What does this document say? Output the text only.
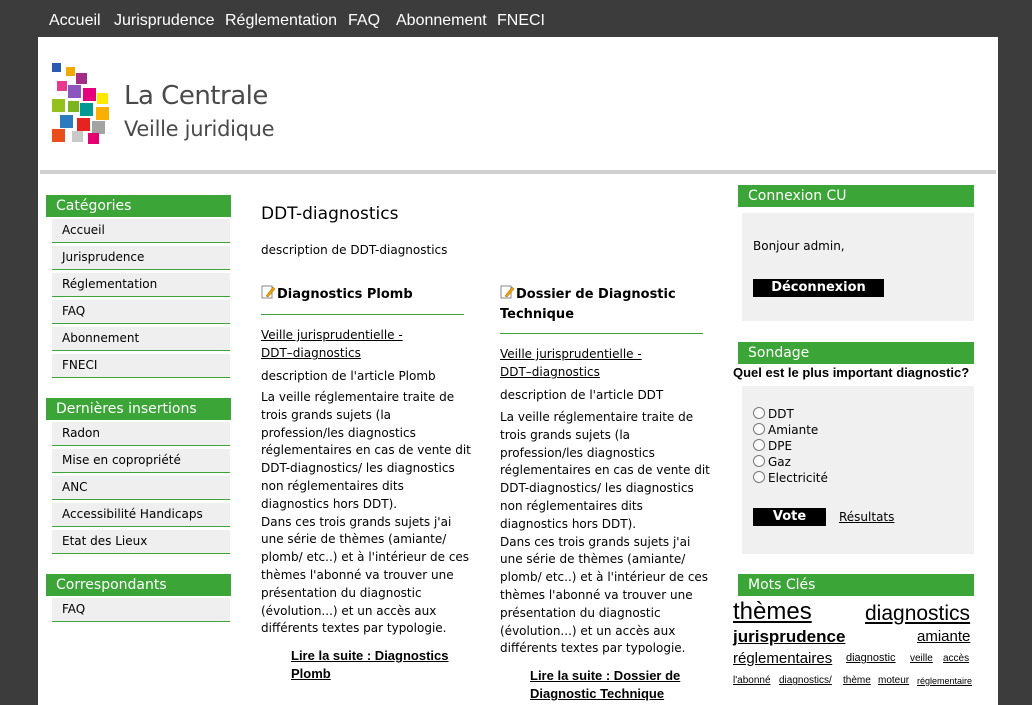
Accueil Jurisprudence Réglementation FAQ Abonnement FNECI
La Centrale
Veille juridique
Catégories
Accueil
Jurisprudence
Réglementation
FAQ
Abonnement
FNECI
Dernières insertions
Radon
Mise en copropriété
ANC
Accessibilité Handicaps
Etat des Lieux
Correspondants
FAQ
DDT-diagnostics
description de DDT-diagnostics
Diagnostics Plomb
Veille jurisprudentielle -
DDT–diagnostics
description de l'article Plomb
La veille réglementaire traite de
trois grands sujets (la
profession/les diagnostics
réglementaires en cas de vente dit
DDT-diagnostics/ les diagnostics
non réglementaires dits
diagnostics hors DDT).
Dans ces trois grands sujets j'ai
une série de thèmes (amiante/
plomb/ etc..) et à l'intérieur de ces
thèmes l'abonné va trouver une
présentation du diagnostic
(évolution...) et un accès aux
différents textes par typologie.
Lire la suite : Diagnostics
Plomb
Dossier de Diagnostic
Technique
Veille jurisprudentielle -
DDT–diagnostics
description de l'article DDT
La veille réglementaire traite de
trois grands sujets (la
profession/les diagnostics
réglementaires en cas de vente dit
DDT-diagnostics/ les diagnostics
non réglementaires dits
diagnostics hors DDT).
Dans ces trois grands sujets j'ai
une série de thèmes (amiante/
plomb/ etc..) et à l'intérieur de ces
thèmes l'abonné va trouver une
présentation du diagnostic
(évolution...) et un accès aux
différents textes par typologie.
Lire la suite : Dossier de
Diagnostic Technique
Connexion CU
Bonjour admin,
Déconnexion
Sondage
Quel est le plus important diagnostic?
DDT
Amiante
DPE
Gaz
Electricité
Vote	Résultats
Mots Clés
thèmes	diagnostics
jurisprudence	amiante
réglementaires diagnostic veille accès
l'abonné diagnostics/ thème moteur réglementaire
